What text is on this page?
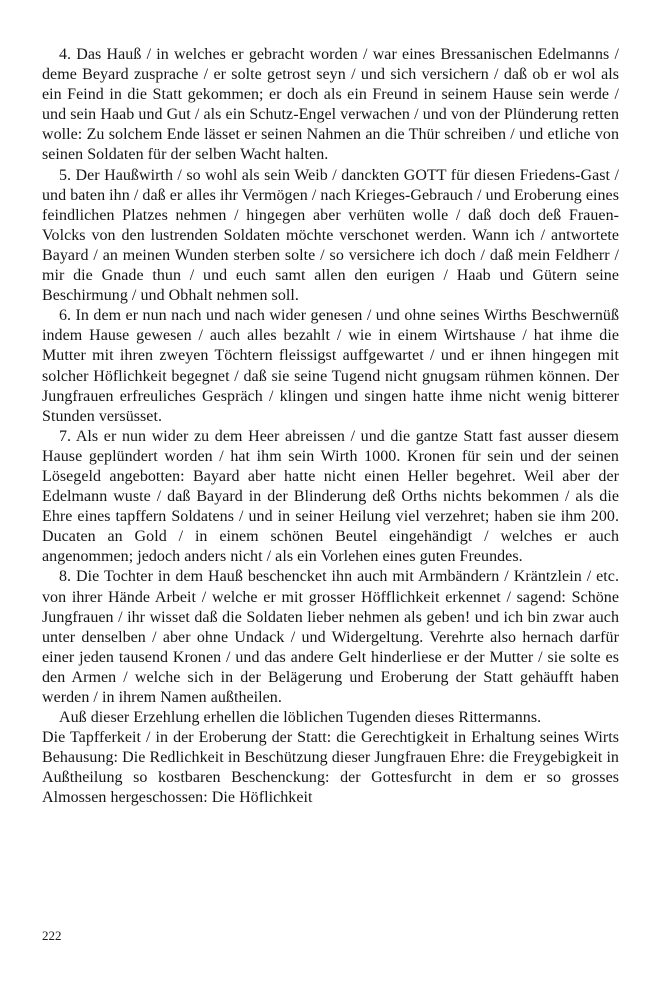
4. Das Hauß / in welches er gebracht worden / war eines Bressanischen Edelmanns / deme Beyard zusprache / er solte getrost seyn / und sich versichern / daß ob er wol als ein Feind in die Statt gekommen; er doch als ein Freund in seinem Hause sein werde / und sein Haab und Gut / als ein Schutz-Engel verwachen / und von der Plünderung retten wolle: Zu solchem Ende lässet er seinen Nahmen an die Thür schreiben / und etliche von seinen Soldaten für der selben Wacht halten.

5. Der Haußwirth / so wohl als sein Weib / danckten GOTT für diesen Friedens-Gast / und baten ihn / daß er alles ihr Vermögen / nach Krieges-Gebrauch / und Eroberung eines feindlichen Platzes nehmen / hingegen aber verhüten wolle / daß doch deß Frauen-Volcks von den lustrenden Soldaten möchte verschonet werden. Wann ich / antwortete Bayard / an meinen Wunden sterben solte / so versichere ich doch / daß mein Feldherr / mir die Gnade thun / und euch samt allen den eurigen / Haab und Gütern seine Beschirmung / und Obhalt nehmen soll.

6. In dem er nun nach und nach wider genesen / und ohne seines Wirths Beschwernüß indem Hause gewesen / auch alles bezahlt / wie in einem Wirtshause / hat ihme die Mutter mit ihren zweyen Töchtern fleissigst auffgewartet / und er ihnen hingegen mit solcher Höflichkeit begegnet / daß sie seine Tugend nicht gnugsam rühmen können. Der Jungfrauen erfreuliches Gespräch / klingen und singen hatte ihme nicht wenig bitterer Stunden versüsset.

7. Als er nun wider zu dem Heer abreissen / und die gantze Statt fast ausser diesem Hause geplündert worden / hat ihm sein Wirth 1000. Kronen für sein und der seinen Lösegeld angebotten: Bayard aber hatte nicht einen Heller begehret. Weil aber der Edelmann wuste / daß Bayard in der Blinderung deß Orths nichts bekommen / als die Ehre eines tapffern Soldatens / und in seiner Heilung viel verzehret; haben sie ihm 200. Ducaten an Gold / in einem schönen Beutel eingehändigt / welches er auch angenommen; jedoch anders nicht / als ein Vorlehen eines guten Freundes.

8. Die Tochter in dem Hauß beschencket ihn auch mit Armbändern / Kräntzlein / etc. von ihrer Hände Arbeit / welche er mit grosser Höfflichkeit erkennet / sagend: Schöne Jungfrauen / ihr wisset daß die Soldaten lieber nehmen als geben! und ich bin zwar auch unter denselben / aber ohne Undack / und Widergeltung. Verehrte also hernach darfür einer jeden tausend Kronen / und das andere Gelt hinderliese er der Mutter / sie solte es den Armen / welche sich in der Belägerung und Eroberung der Statt gehäufft haben werden / in ihrem Namen außtheilen.

Auß dieser Erzehlung erhellen die löblichen Tugenden dieses Rittermanns.

Die Tapfferkeit / in der Eroberung der Statt: die Gerechtigkeit in Erhaltung seines Wirts Behausung: Die Redlichkeit in Beschützung dieser Jungfrauen Ehre: die Freygebigkeit in Außtheilung so kostbaren Beschenckung: der Gottesfurcht in dem er so grosses Almossen hergeschossen: Die Höflichkeit

222
